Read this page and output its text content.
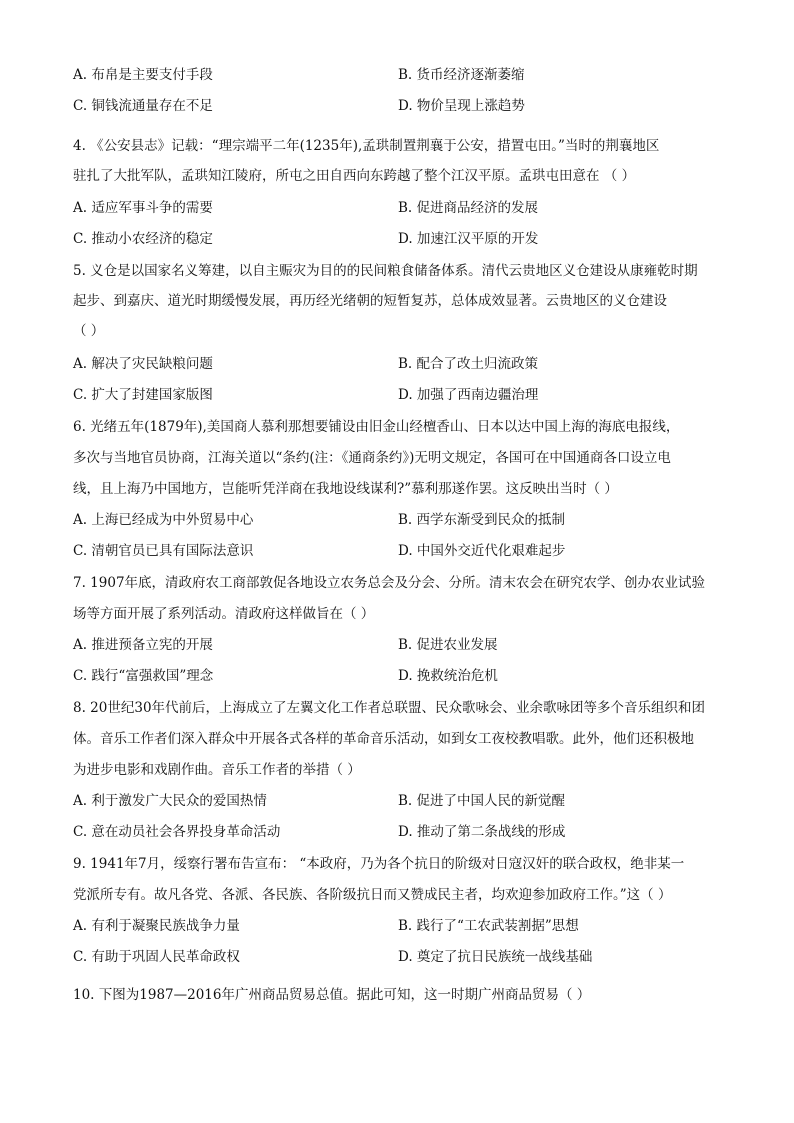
A. 布帛是主要支付手段	B. 货币经济逐渐萎缩
C. 铜钱流通量存在不足	D. 物价呈现上涨趋势
4. 《公安县志》记载：“理宗端平二年(1235年),孟珙制置荆襄于公安，措置屯田。”当时的荆襄地区
驻扎了大批军队，孟珙知江陵府，所屯之田自西向东跨越了整个江汉平原。孟珙屯田意在 （ ）
A. 适应军事斗争的需要	B. 促进商品经济的发展
C. 推动小农经济的稳定	D. 加速江汉平原的开发
5. 义仓是以国家名义筹建，以自主赈灾为目的的民间粮食储备体系。清代云贵地区义仓建设从康雍乾时期
起步、到嘉庆、道光时期缓慢发展，再历经光绪朝的短暂复苏，总体成效显著。云贵地区的义仓建设
（ ）
A. 解决了灾民缺粮问题	B. 配合了改土归流政策
C. 扩大了封建国家版图	D. 加强了西南边疆治理
6. 光绪五年(1879年),美国商人慕利那想要铺设由旧金山经檀香山、日本以达中国上海的海底电报线，
多次与当地官员协商，江海关道以“条约(注：《通商条约》)无明文规定，各国可在中国通商各口设立电
线，且上海乃中国地方，岂能听凭洋商在我地设线谋利?”慕利那遂作罢。这反映出当时（ ）
A. 上海已经成为中外贸易中心	B. 西学东渐受到民众的抵制
C. 清朝官员已具有国际法意识	D. 中国外交近代化艰难起步
7. 1907年底，清政府农工商部敦促各地设立农务总会及分会、分所。清末农会在研究农学、创办农业试验
场等方面开展了系列活动。清政府这样做旨在（ ）
A. 推进预备立宪的开展	B. 促进农业发展
C. 践行“富强救国”理念	D. 挽救统治危机
8. 20世纪30年代前后，上海成立了左翼文化工作者总联盟、民众歌咏会、业余歌咏团等多个音乐组织和团
体。音乐工作者们深入群众中开展各式各样的革命音乐活动，如到女工夜校教唱歌。此外，他们还积极地
为进步电影和戏剧作曲。音乐工作者的举措（ ）
A. 利于激发广大民众的爱国热情	B. 促进了中国人民的新觉醒
C. 意在动员社会各界投身革命活动	D. 推动了第二条战线的形成
9. 1941年7月，绥察行署布告宣布： “本政府，乃为各个抗日的阶级对日寇汉奸的联合政权，绝非某一
党派所专有。故凡各党、各派、各民族、各阶级抗日而又赞成民主者，均欢迎参加政府工作。”这（ ）
A. 有利于凝聚民族战争力量	B. 践行了“工农武装割据”思想
C. 有助于巩固人民革命政权	D. 奠定了抗日民族统一战线基础
10. 下图为1987—2016年广州商品贸易总值。据此可知，这一时期广州商品贸易（ ）
